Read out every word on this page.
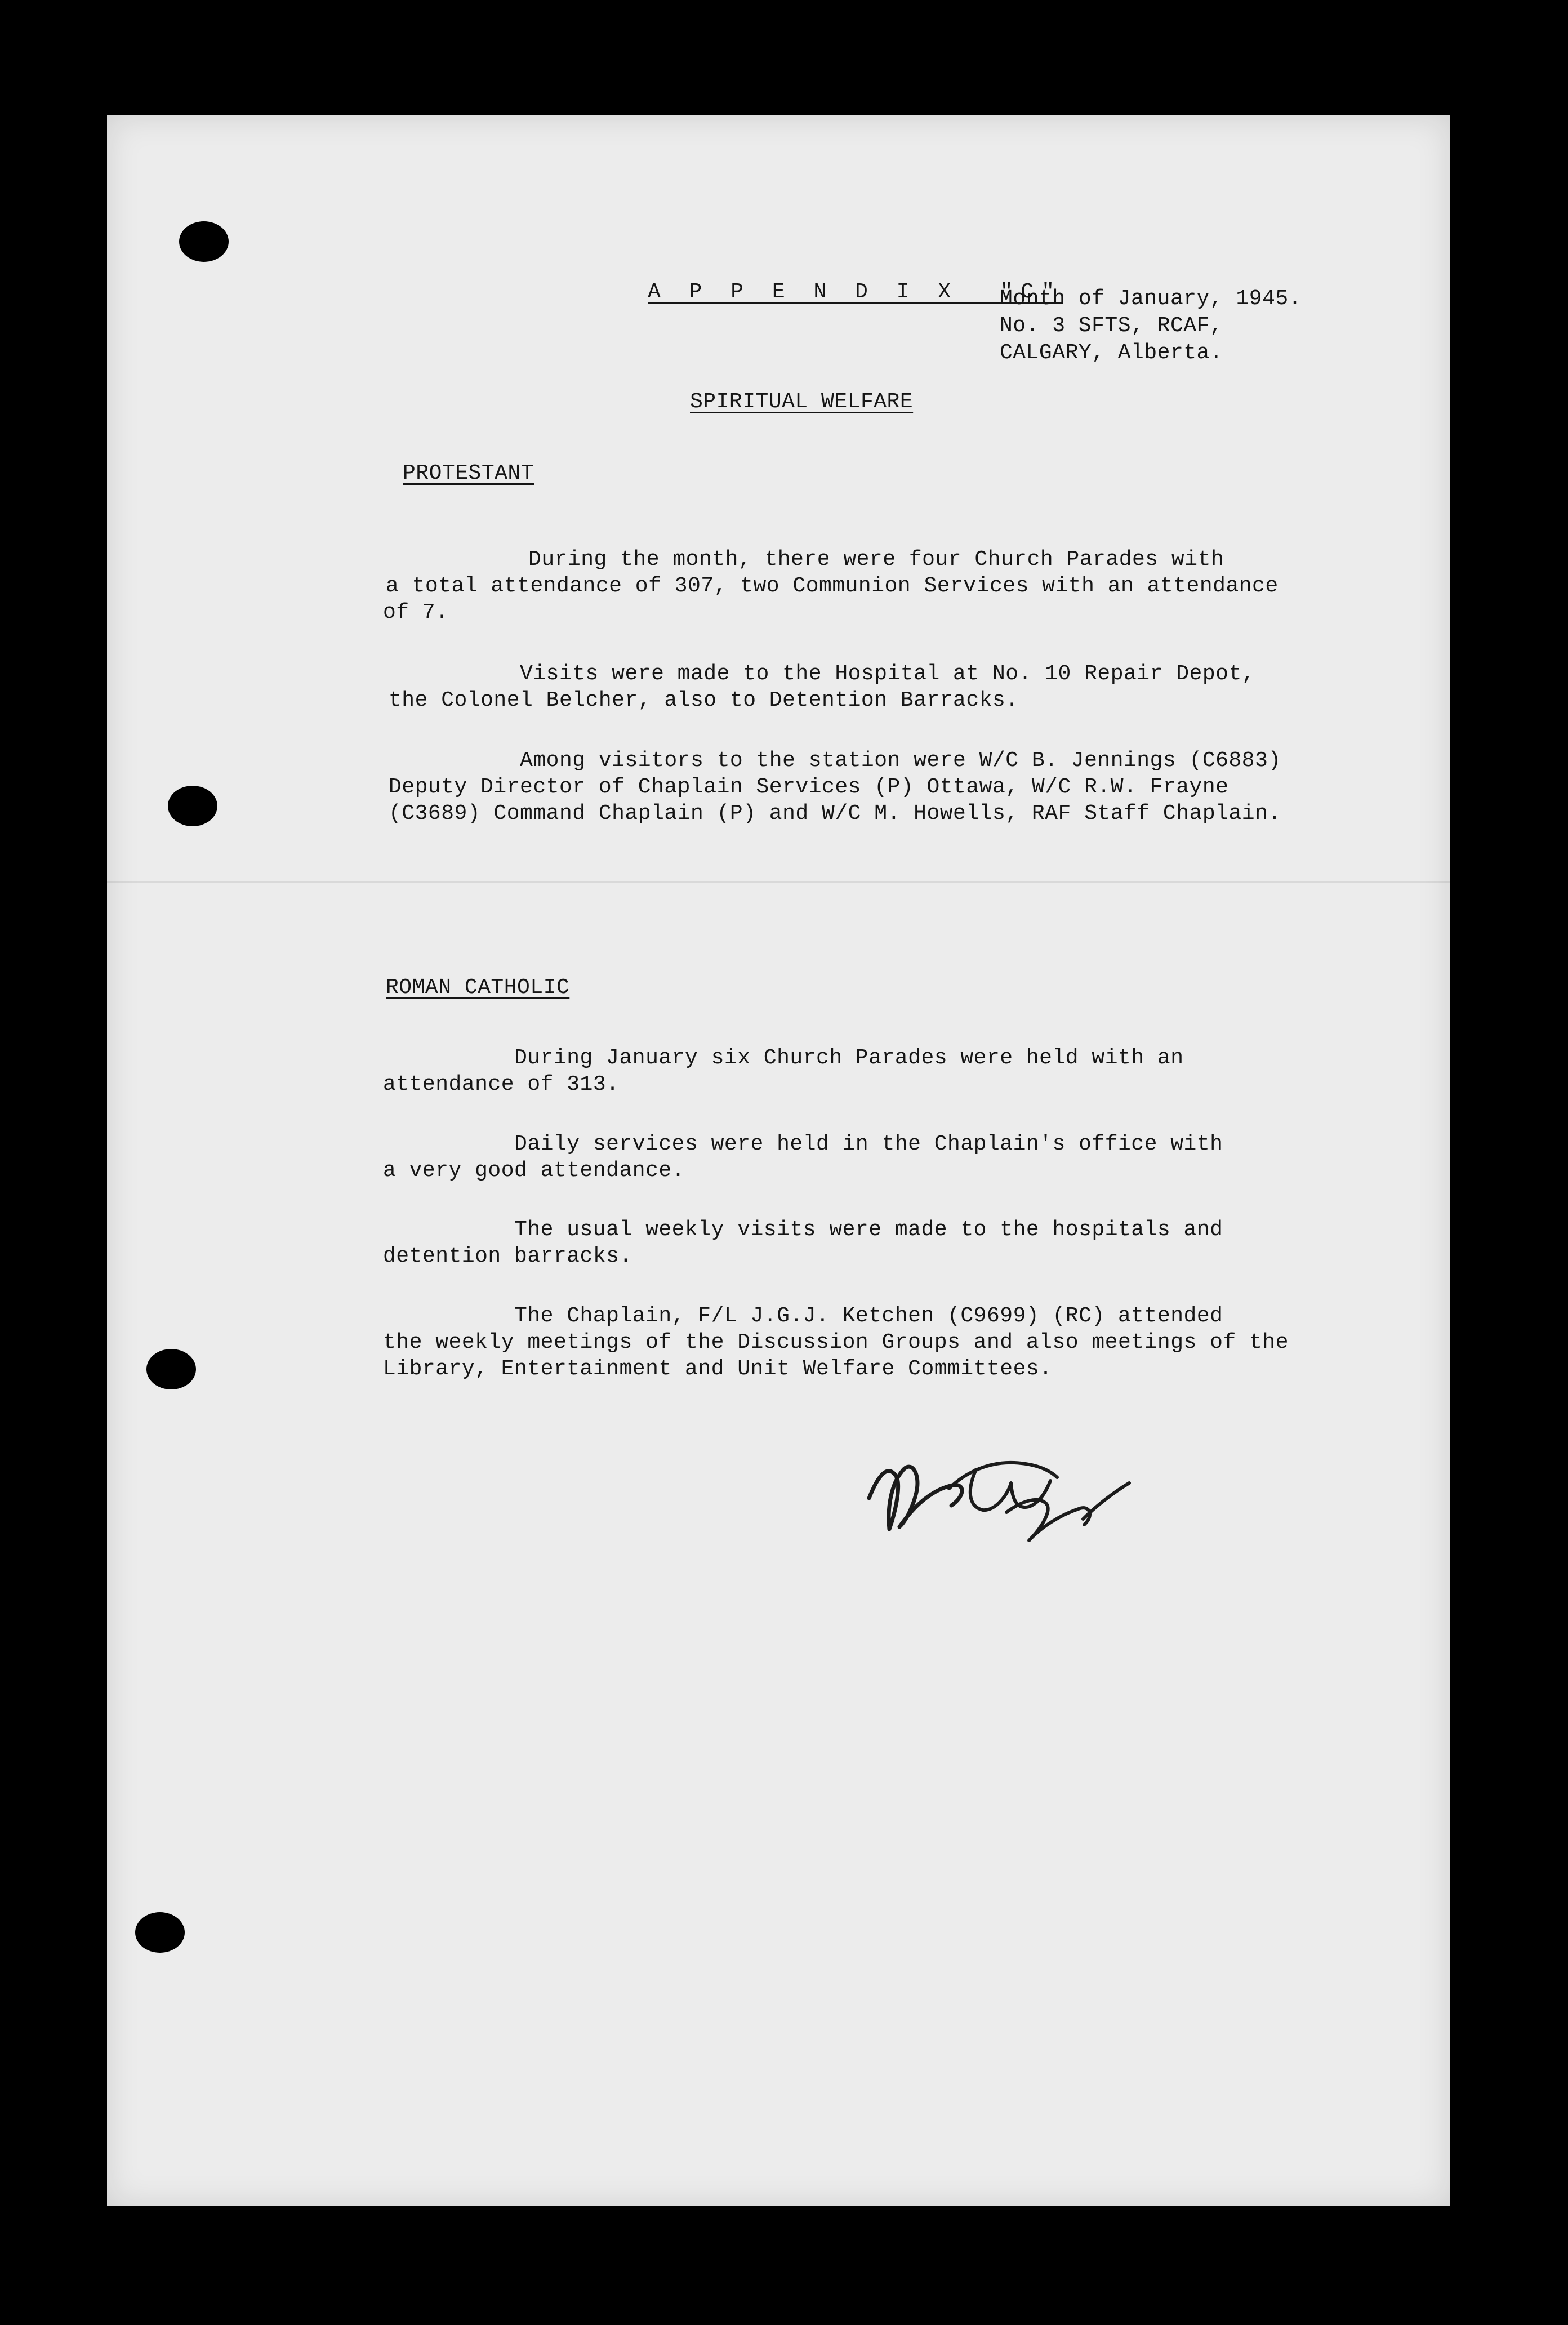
A P P E N D I X  "C"
Month of January, 1945.
No. 3 SFTS, RCAF,
CALGARY, Alberta.
SPIRITUAL WELFARE
PROTESTANT
During the month, there were four Church Parades with
a total attendance of 307, two Communion Services with an attendance
of 7.
Visits were made to the Hospital at No. 10 Repair Depot,
the Colonel Belcher, also to Detention Barracks.
Among visitors to the station were W/C B. Jennings (C6883)
Deputy Director of Chaplain Services (P) Ottawa, W/C R.W. Frayne
(C3689) Command Chaplain (P) and W/C M. Howells, RAF Staff Chaplain.
ROMAN CATHOLIC
During January six Church Parades were held with an
attendance of 313.
Daily services were held in the Chaplain's office with
a very good attendance.
The usual weekly visits were made to the hospitals and
detention barracks.
The Chaplain, F/L J.G.J. Ketchen (C9699) (RC) attended
the weekly meetings of the Discussion Groups and also meetings of the
Library, Entertainment and Unit Welfare Committees.
